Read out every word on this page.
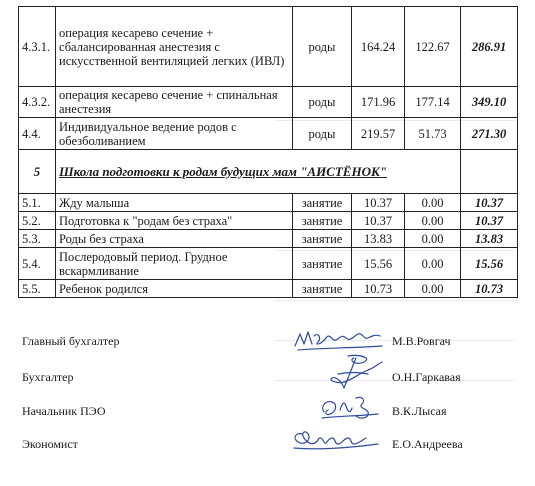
4.3.1.	операция кесарево сечение + сбалансированная анестезия с искусственной вентиляцией легких (ИВЛ)	роды	164.24	122.67	286.91
4.3.2.	операция кесарево сечение + спинальная анестезия	роды	171.96	177.14	349.10
4.4.	Индивидуальное ведение родов с обезболиванием	роды	219.57	51.73	271.30
5	Школа подготовки к родам будущих мам "АИСТЁНОК"				
5.1.	Жду малыша	занятие	10.37	0.00	10.37
5.2.	Подготовка к "родам без страха"	занятие	10.37	0.00	10.37
5.3.	Роды без страха	занятие	13.83	0.00	13.83
5.4.	Послеродовый период. Грудное вскармливание	занятие	15.56	0.00	15.56
5.5.	Ребенок родился	занятие	10.73	0.00	10.73
Главный бухгалтер	М.В.Ровгач
Бухгалтер	О.Н.Гаркавая
Начальник ПЭО	В.К.Лысая
Экономист	Е.О.Андреева
